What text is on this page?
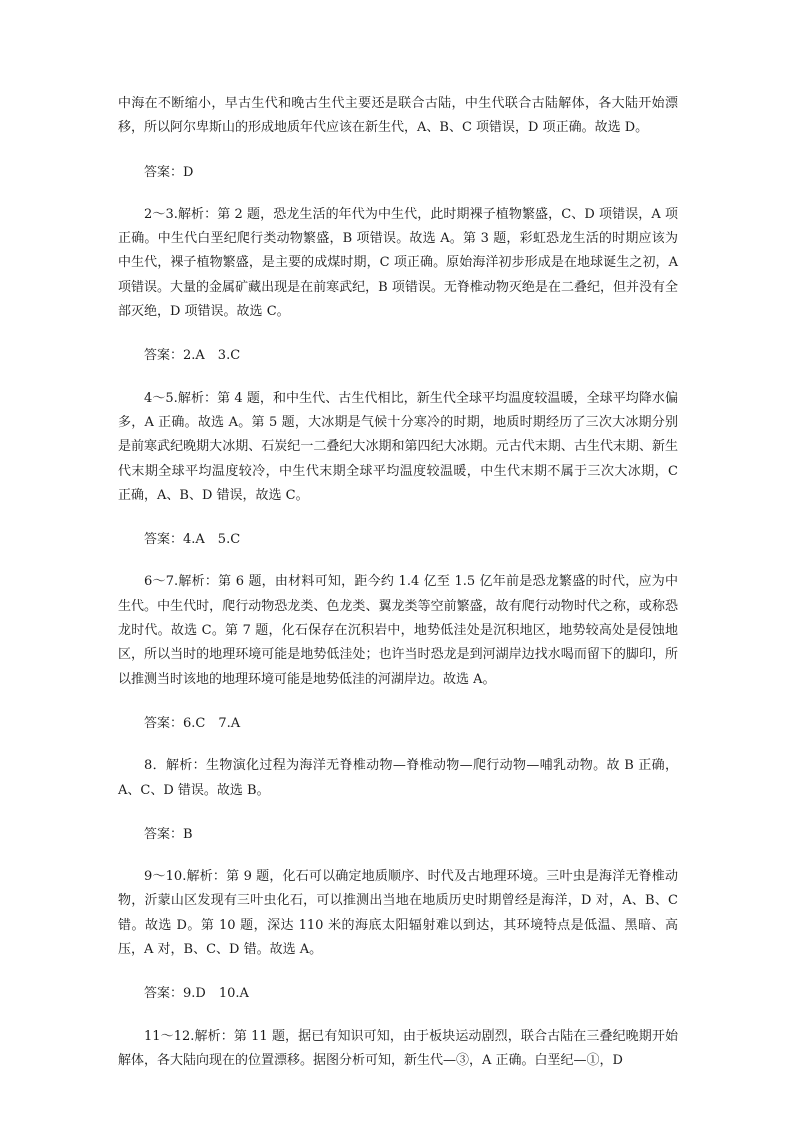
中海在不断缩小，早古生代和晚古生代主要还是联合古陆，中生代联合古陆解体，各大陆开始漂移，所以阿尔卑斯山的形成地质年代应该在新生代，A、B、C 项错误，D 项正确。故选 D。

答案：D

2～3.解析：第 2 题，恐龙生活的年代为中生代，此时期裸子植物繁盛，C、D 项错误，A 项正确。中生代白垩纪爬行类动物繁盛，B 项错误。故选 A。第 3 题，彩虹恐龙生活的时期应该为中生代，裸子植物繁盛，是主要的成煤时期，C 项正确。原始海洋初步形成是在地球诞生之初，A 项错误。大量的金属矿藏出现是在前寒武纪，B 项错误。无脊椎动物灭绝是在二叠纪，但并没有全部灭绝，D 项错误。故选 C。

答案：2.A　3.C

4～5.解析：第 4 题，和中生代、古生代相比，新生代全球平均温度较温暖，全球平均降水偏多，A 正确。故选 A。第 5 题，大冰期是气候十分寒冷的时期，地质时期经历了三次大冰期分别是前寒武纪晚期大冰期、石炭纪一二叠纪大冰期和第四纪大冰期。元古代末期、古生代末期、新生代末期全球平均温度较冷，中生代末期全球平均温度较温暖，中生代末期不属于三次大冰期，C 正确，A、B、D 错误，故选 C。

答案：4.A　5.C

6～7.解析：第 6 题，由材料可知，距今约 1.4 亿至 1.5 亿年前是恐龙繁盛的时代，应为中生代。中生代时，爬行动物恐龙类、色龙类、翼龙类等空前繁盛，故有爬行动物时代之称，或称恐龙时代。故选 C。第 7 题，化石保存在沉积岩中，地势低洼处是沉积地区，地势较高处是侵蚀地区，所以当时的地理环境可能是地势低洼处；也许当时恐龙是到河湖岸边找水喝而留下的脚印，所以推测当时该地的地理环境可能是地势低洼的河湖岸边。故选 A。

答案：6.C　7.A

8．解析：生物演化过程为海洋无脊椎动物—脊椎动物—爬行动物—哺乳动物。故 B 正确，A、C、D 错误。故选 B。

答案：B

9～10.解析：第 9 题，化石可以确定地质顺序、时代及古地理环境。三叶虫是海洋无脊椎动物，沂蒙山区发现有三叶虫化石，可以推测出当地在地质历史时期曾经是海洋，D 对，A、B、C 错。故选 D。第 10 题，深达 110 米的海底太阳辐射难以到达，其环境特点是低温、黑暗、高压，A 对，B、C、D 错。故选 A。

答案：9.D　10.A

11～12.解析：第 11 题，据已有知识可知，由于板块运动剧烈，联合古陆在三叠纪晚期开始解体，各大陆向现在的位置漂移。据图分析可知，新生代—③，A 正确。白垩纪—①，D
